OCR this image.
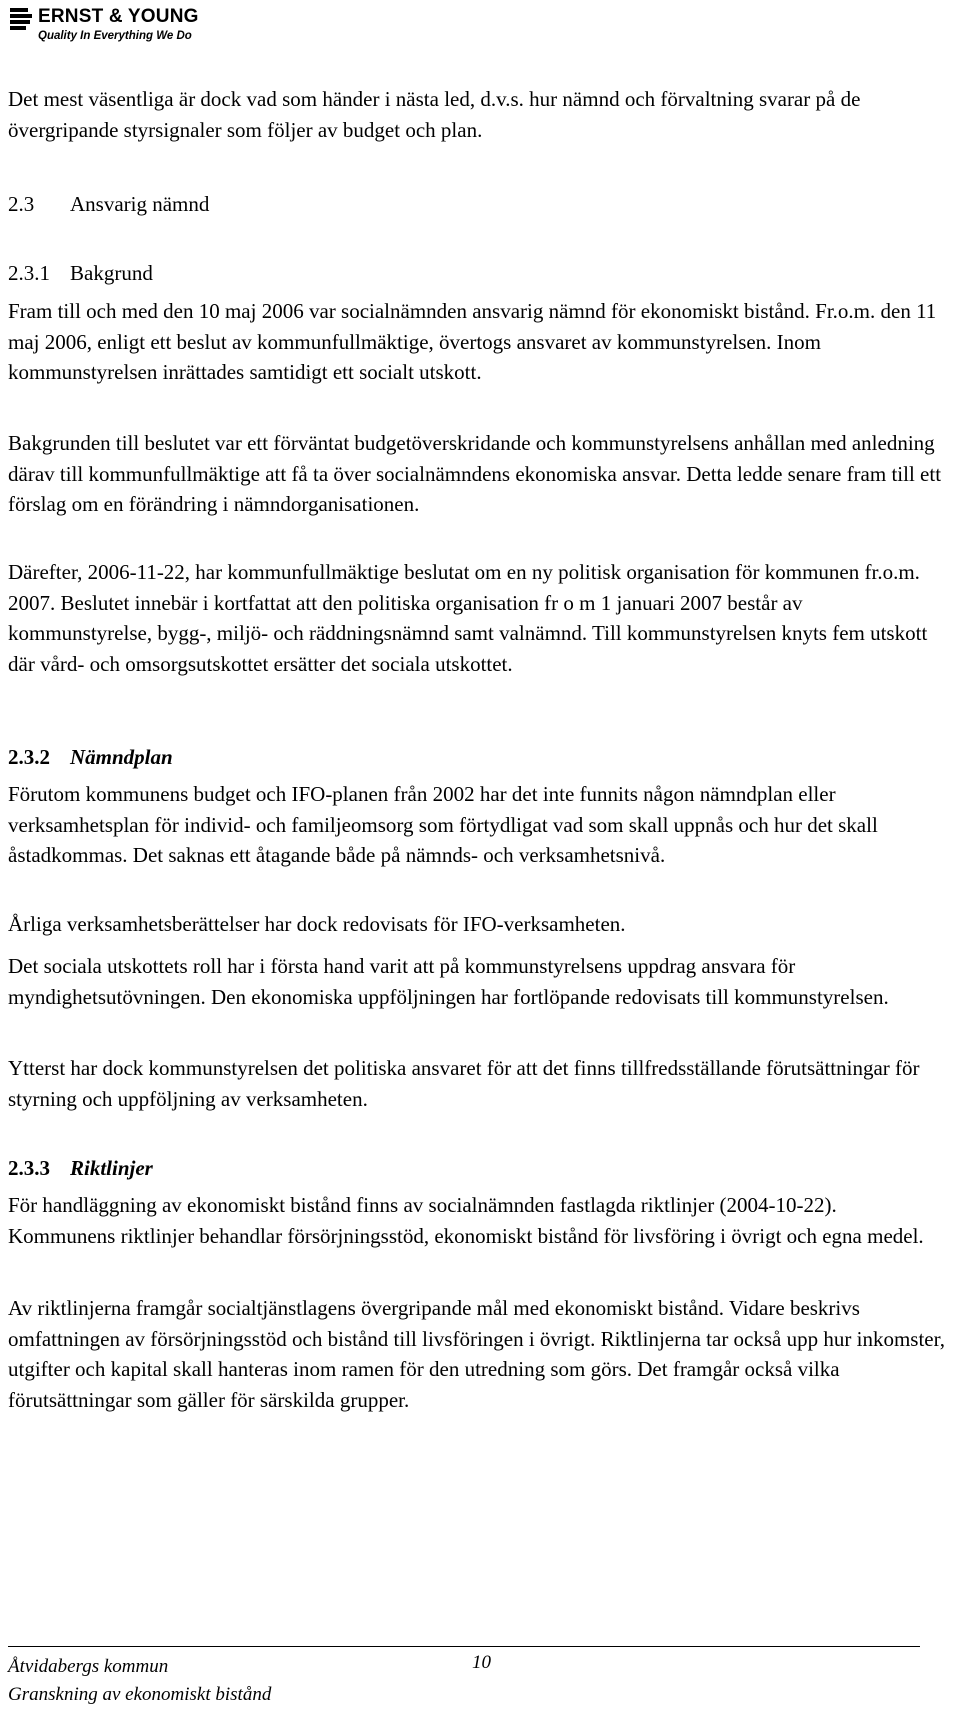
ERNST & YOUNG
Quality In Everything We Do

Det mest väsentliga är dock vad som händer i nästa led, d.v.s. hur nämnd och förvaltning svarar på de övergripande styrsignaler som följer av budget och plan.

2.3 Ansvarig nämnd
2.3.1 Bakgrund

Fram till och med den 10 maj 2006 var socialnämnden ansvarig nämnd för ekonomiskt bistånd. Fr.o.m. den 11 maj 2006, enligt ett beslut av kommunfullmäktige, övertogs ansvaret av kommunstyrelsen. Inom kommunstyrelsen inrättades samtidigt ett socialt utskott.

Bakgrunden till beslutet var ett förväntat budgetöverskridande och kommunstyrelsens anhållan med anledning därav till kommunfullmäktige att få ta över socialnämndens ekonomiska ansvar. Detta ledde senare fram till ett förslag om en förändring i nämndorganisationen.

Därefter, 2006-11-22, har kommunfullmäktige beslutat om en ny politisk organisation för kommunen fr.o.m. 2007. Beslutet innebär i kortfattat att den politiska organisation fr o m 1 januari 2007 består av kommunstyrelse, bygg-, miljö- och räddningsnämnd samt valnämnd. Till kommunstyrelsen knyts fem utskott där vård- och omsorgsutskottet ersätter det sociala utskottet.

2.3.2 Nämndplan

Förutom kommunens budget och IFO-planen från 2002 har det inte funnits någon nämndplan eller verksamhetsplan för individ- och familjeomsorg som förtydligat vad som skall uppnås och hur det skall åstadkommas. Det saknas ett åtagande både på nämnds- och verksamhetsnivå.

Årliga verksamhetsberättelser har dock redovisats för IFO-verksamheten.

Det sociala utskottets roll har i första hand varit att på kommunstyrelsens uppdrag ansvara för myndighetsutövningen. Den ekonomiska uppföljningen har fortlöpande redovisats till kommunstyrelsen.

Ytterst har dock kommunstyrelsen det politiska ansvaret för att det finns tillfredsställande förutsättningar för styrning och uppföljning av verksamheten.

2.3.3 Riktlinjer

För handläggning av ekonomiskt bistånd finns av socialnämnden fastlagda riktlinjer (2004-10-22). Kommunens riktlinjer behandlar försörjningsstöd, ekonomiskt bistånd för livsföring i övrigt och egna medel.

Av riktlinjerna framgår socialtjänstlagens övergripande mål med ekonomiskt bistånd. Vidare beskrivs omfattningen av försörjningsstöd och bistånd till livsföringen i övrigt. Riktlinjerna tar också upp hur inkomster, utgifter och kapital skall hanteras inom ramen för den utredning som görs. Det framgår också vilka förutsättningar som gäller för särskilda grupper.

Åtvidabergs kommun
Granskning av ekonomiskt bistånd
10
